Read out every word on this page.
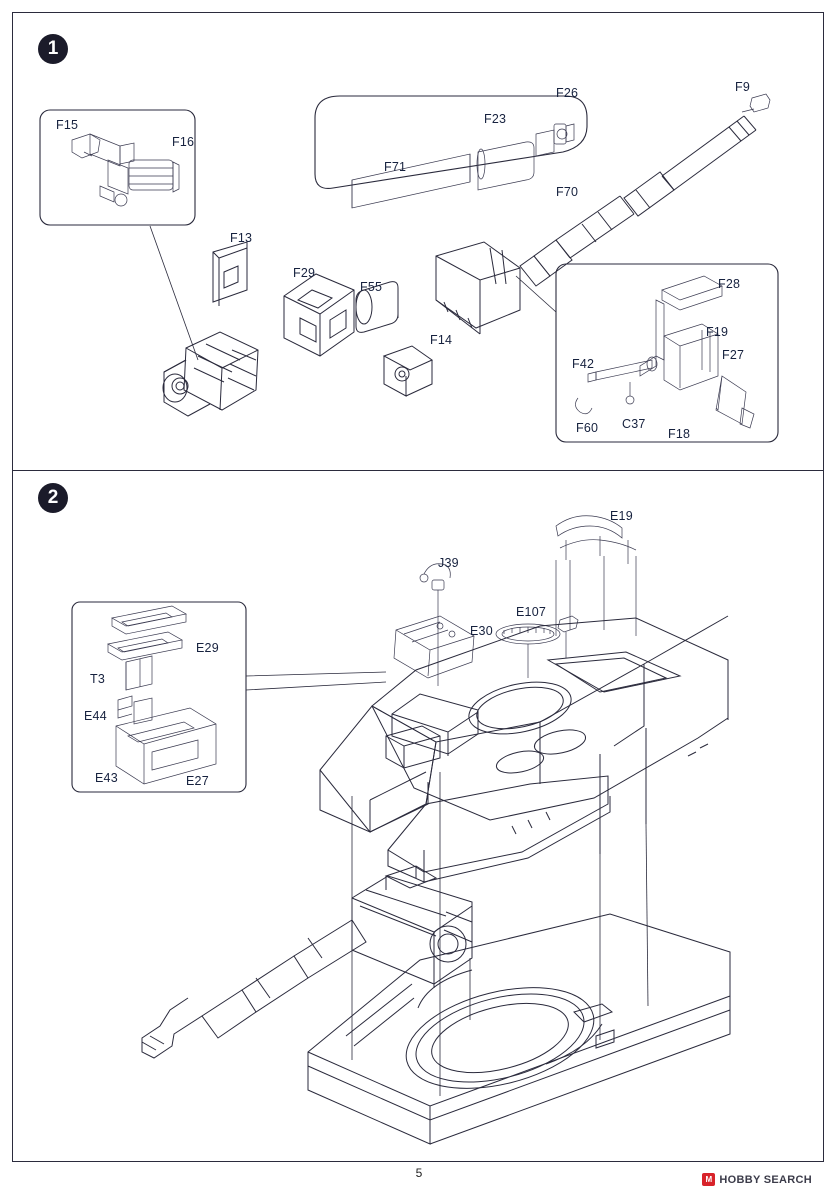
1
2
F15
F16
F26	F9
F23
F71
F70
F13
F29
F55
F14
F28
F19
F27
F42
F60 C37
F18
E19
J39
E107
E30
E29
T3
E44
E43	E27
5	M HOBBY SEARCH
